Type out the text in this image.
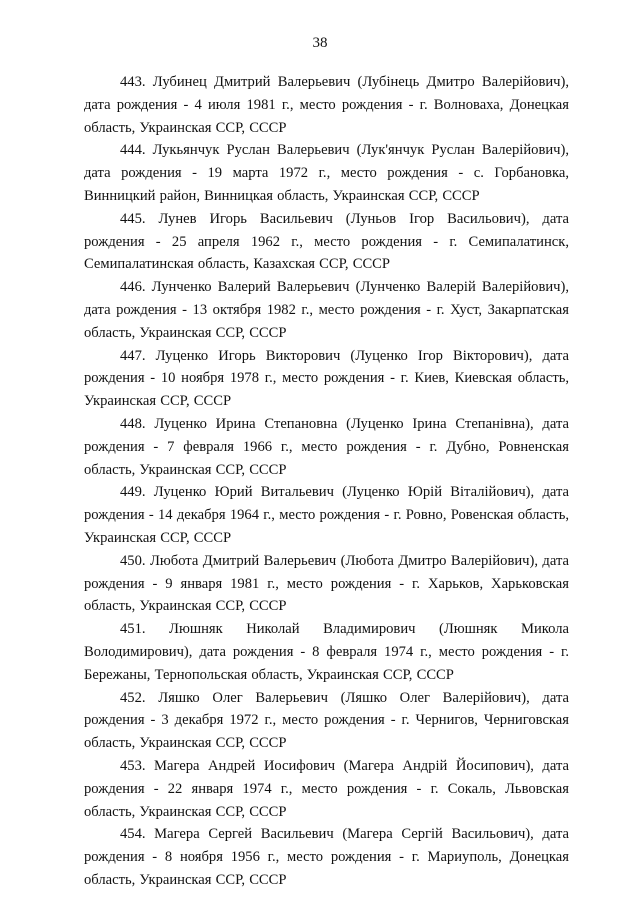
38

443. Лубинец Дмитрий Валерьевич (Лубінець Дмитро Валерійович), дата рождения - 4 июля 1981 г., место рождения - г. Волноваха, Донецкая область, Украинская ССР, СССР

444. Лукьянчук Руслан Валерьевич (Лук'янчук Руслан Валерійович), дата рождения - 19 марта 1972 г., место рождения - с. Горбановка, Винницкий район, Винницкая область, Украинская ССР, СССР

445. Лунев Игорь Васильевич (Луньов Ігор Васильович), дата рождения - 25 апреля 1962 г., место рождения - г. Семипалатинск, Семипалатинская область, Казахская ССР, СССР

446. Лунченко Валерий Валерьевич (Лунченко Валерій Валерійович), дата рождения - 13 октября 1982 г., место рождения - г. Хуст, Закарпатская область, Украинская ССР, СССР

447. Луценко Игорь Викторович (Луценко Ігор Вікторович), дата рождения - 10 ноября 1978 г., место рождения - г. Киев, Киевская область, Украинская ССР, СССР

448. Луценко Ирина Степановна (Луценко Ірина Степанівна), дата рождения - 7 февраля 1966 г., место рождения - г. Дубно, Ровненская область, Украинская ССР, СССР

449. Луценко Юрий Витальевич (Луценко Юрій Віталійович), дата рождения - 14 декабря 1964 г., место рождения - г. Ровно, Ровенская область, Украинская ССР, СССР

450. Любота Дмитрий Валерьевич (Любота Дмитро Валерійович), дата рождения - 9 января 1981 г., место рождения - г. Харьков, Харьковская область, Украинская ССР, СССР

451. Люшняк Николай Владимирович (Люшняк Микола Володимирович), дата рождения - 8 февраля 1974 г., место рождения - г. Бережаны, Тернопольская область, Украинская ССР, СССР

452. Ляшко Олег Валерьевич (Ляшко Олег Валерійович), дата рождения - 3 декабря 1972 г., место рождения - г. Чернигов, Черниговская область, Украинская ССР, СССР

453. Магера Андрей Иосифович (Магера Андрій Йосипович), дата рождения - 22 января 1974 г., место рождения - г. Сокаль, Львовская область, Украинская ССР, СССР

454. Магера Сергей Васильевич (Магера Сергій Васильович), дата рождения - 8 ноября 1956 г., место рождения - г. Мариуполь, Донецкая область, Украинская ССР, СССР
